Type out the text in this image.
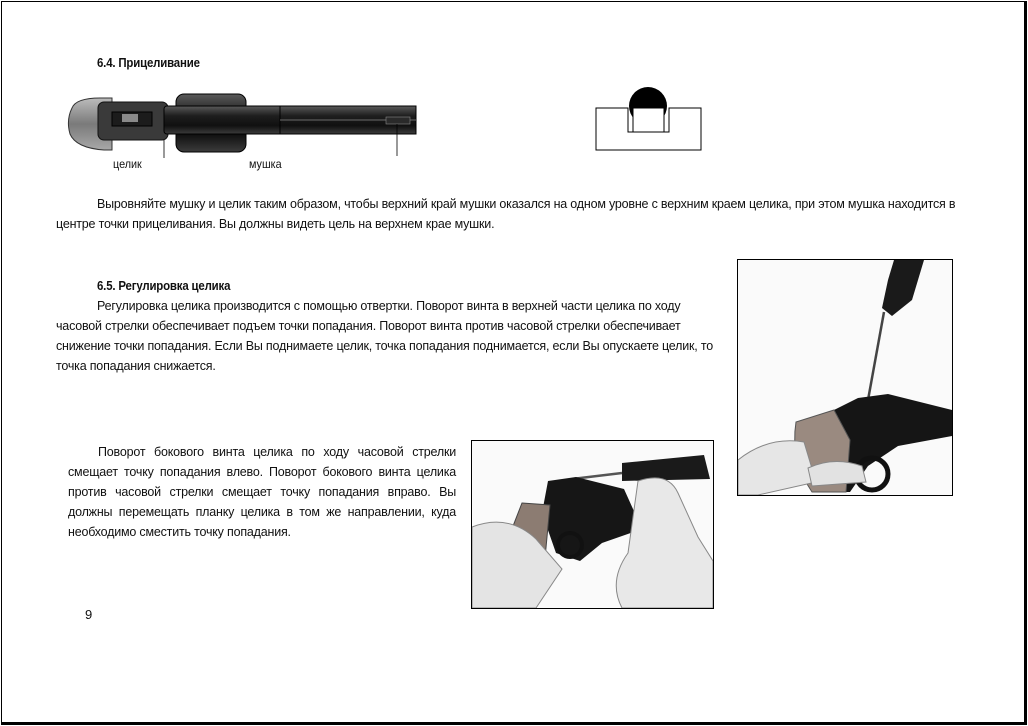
6.4. Прицеливание
целик	мушка
Выровняйте мушку и целик таким образом, чтобы верхний край мушки оказался на одном уровне с верхним краем целика, при этом мушка находится в центре точки прицеливания. Вы должны видеть цель на верхнем крае мушки.
6.5. Регулировка целика
Регулировка целика производится с помощью отвертки. Поворот винта в верхней части целика по ходу часовой стрелки обеспечивает подъем точки попадания. Поворот винта против часовой стрелки обеспечивает снижение точки попадания. Если Вы поднимаете целик, точка попадания поднимается, если Вы опускаете целик, то точка попадания снижается.
Поворот бокового винта целика по ходу часовой стрелки смещает точку попадания влево. Поворот бокового винта целика против часовой стрелки смещает точку попадания вправо. Вы должны перемещать планку целика в том же направлении, куда необходимо сместить точку попадания.
9
